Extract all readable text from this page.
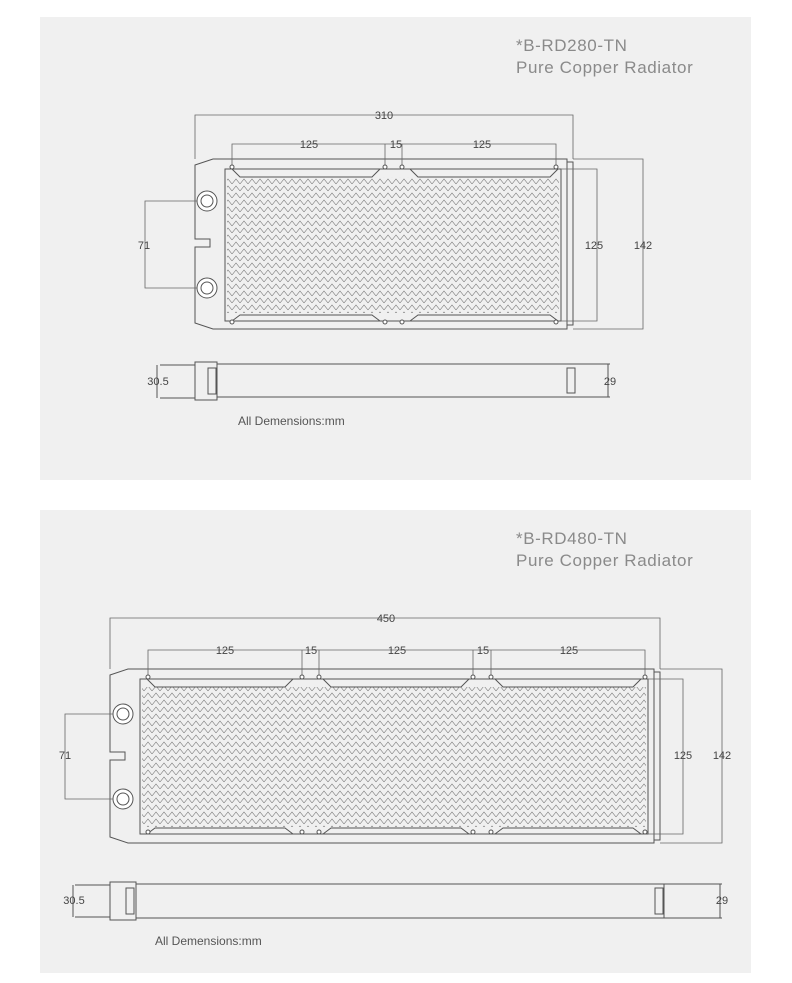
*B-RD280-TN
Pure Copper Radiator
310
125	15	125
71	125	142
30.5	29
All Demensions:mm
*B-RD480-TN
Pure Copper Radiator
450
125	15	125	15	125
71	125 142
30.5	29
All Demensions:mm
